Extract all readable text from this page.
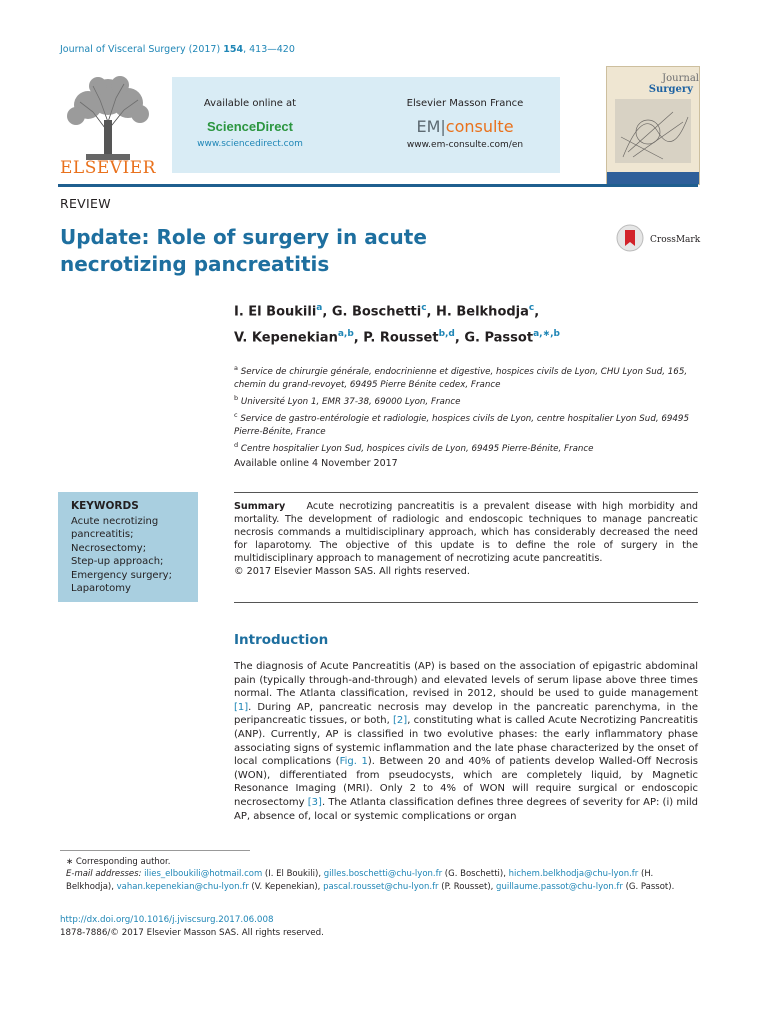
Journal of Visceral Surgery (2017) 154, 413—420
ELSEVIER
Available online at
ScienceDirect
www.sciencedirect.com
Elsevier Masson France
EM|consulte
www.em-consulte.com/en
Journal
Surgery
REVIEW
Update: Role of surgery in acute necrotizing pancreatitis
CrossMark
I. El Boukili$^a$, G. Boschetti$^c$, H. Belkhodja$^c$,
V. Kepenekian$^{a,b}$, P. Rousset$^{b,d}$, G. Passot$^{a,∗,b}$

$^a$ Service de chirurgie générale, endocrinienne et digestive, hospices civils de Lyon, CHU Lyon Sud, 165, chemin du grand-revoyet, 69495 Pierre Bénite cedex, France

$^b$ Université Lyon 1, EMR 37-38, 69000 Lyon, France

$^c$ Service de gastro-entérologie et radiologie, hospices civils de Lyon, centre hospitalier Lyon Sud, 69495 Pierre-Bénite, France

$^d$ Centre hospitalier Lyon Sud, hospices civils de Lyon, 69495 Pierre-Bénite, France

Available online 4 November 2017
KEYWORDS
Acute necrotizing
pancreatitis;
Necrosectomy;
Step-up approach;
Emergency surgery;
Laparotomy
Summary Acute necrotizing pancreatitis is a prevalent disease with high morbidity and mortality. The development of radiologic and endoscopic techniques to manage pancreatic necrosis commands a multidisciplinary approach, which has considerably decreased the need for laparotomy. The objective of this update is to define the role of surgery in the multidisciplinary approach to management of necrotizing acute pancreatitis.
© 2017 Elsevier Masson SAS. All rights reserved.
Introduction
The diagnosis of Acute Pancreatitis (AP) is based on the association of epigastric abdominal pain (typically through-and-through) and elevated levels of serum lipase above three times normal. The Atlanta classification, revised in 2012, should be used to guide management [1]. During AP, pancreatic necrosis may develop in the pancreatic parenchyma, in the peripancreatic tissues, or both, [2], constituting what is called Acute Necrotizing Pancreatitis (ANP). Currently, AP is classified in two evolutive phases: the early inflammatory phase associating signs of systemic inflammation and the late phase characterized by the onset of local complications (Fig. 1). Between 20 and 40% of patients develop Walled-Off Necrosis (WON), differentiated from pseudocysts, which are completely liquid, by Magnetic Resonance Imaging (MRI). Only 2 to 4% of WON will require surgical or endoscopic necrosectomy [3]. The Atlanta classification defines three degrees of severity for AP: (i) mild AP, absence of, local or systemic complications or organ
∗ Corresponding author.
E-mail addresses: ilies_elboukili@hotmail.com (I. El Boukili), gilles.boschetti@chu-lyon.fr (G. Boschetti), hichem.belkhodja@chu-lyon.fr (H. Belkhodja), vahan.kepenekian@chu-lyon.fr (V. Kepenekian), pascal.rousset@chu-lyon.fr (P. Rousset), guillaume.passot@chu-lyon.fr (G. Passot).
http://dx.doi.org/10.1016/j.jviscsurg.2017.06.008
1878-7886/© 2017 Elsevier Masson SAS. All rights reserved.
